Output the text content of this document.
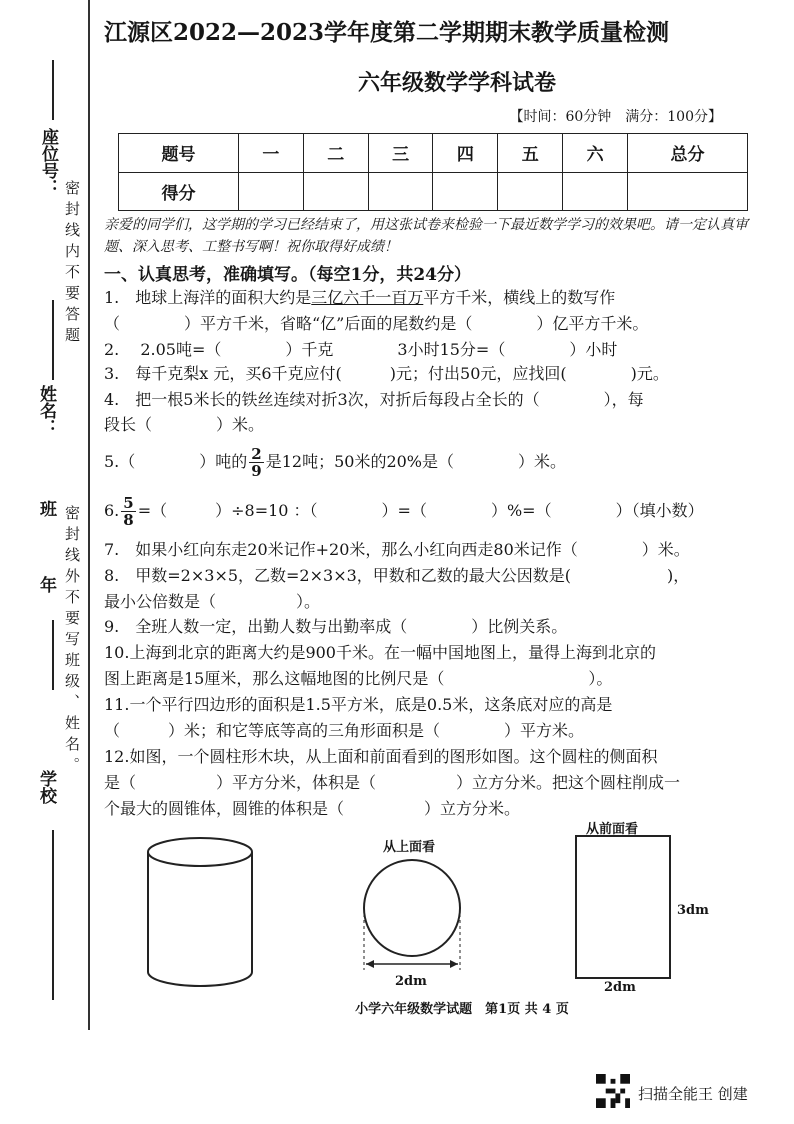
座位号：
姓名：
年
班
学校
密封线内不要答题
密封线外不要写班级、姓名。
江源区2022—2023学年度第二学期期末教学质量检测
六年级数学学科试卷
【时间：60分钟　满分：100分】
题号	一	二	三	四	五	六	总分
得分							
亲爱的同学们，这学期的学习已经结束了，用这张试卷来检验一下最近数学学习的效果吧。请一定认真审题、深入思考、工整书写啊！祝你取得好成绩！
一、认真思考，准确填写。（每空1分，共24分）
1.　地球上海洋的面积大约是三亿六千一百万平方千米，横线上的数写作
（　　　　）平方千米，省略“亿”后面的尾数约是（　　　　）亿平方千米。
2.　 2.05吨=（　　　　）千克　　　　3小时15分=（　　　　）小时
3.　每千克梨x 元，买6千克应付(　　　)元；付出50元，应找回(　　　　)元。
4.　把一根5米长的铁丝连续对折3次，对折后每段占全长的（　　　　），每
段长（　　　　）米。
5.（　　　　）吨的 $\frac{2}{9}$ 是12吨；50米的20%是（　　　　）米。
6. $\frac{5}{8}$ =（　　　）÷8=10 ：（　　　　）=（　　　　）%=（　　　　）（填小数）
7.　如果小红向东走20米记作+20米，那么小红向西走80米记作（　　　　）米。
8.　甲数=2×3×5，乙数=2×3×3，甲数和乙数的最大公因数是(　　　　　　)，
最小公倍数是（　　　　　）。
9.　全班人数一定，出勤人数与出勤率成（　　　　）比例关系。
10.上海到北京的距离大约是900千米。在一幅中国地图上，量得上海到北京的
图上距离是15厘米，那么这幅地图的比例尺是（　　　　　　　　　）。
11.一个平行四边形的面积是1.5平方米，底是0.5米，这条底对应的高是
（　　　）米；和它等底等高的三角形面积是（　　　　）平方米。
12.如图，一个圆柱形木块，从上面和前面看到的图形如图。这个圆柱的侧面积
是（　　　　　）平方分米，体积是（　　　　　）立方分米。把这个圆柱削成一
个最大的圆锥体，圆锥的体积是（　　　　　）立方分米。
从上面看
2dm
从前面看
3dm
2dm
小学六年级数学试题　第1页 共 4 页
扫描全能王 创建
